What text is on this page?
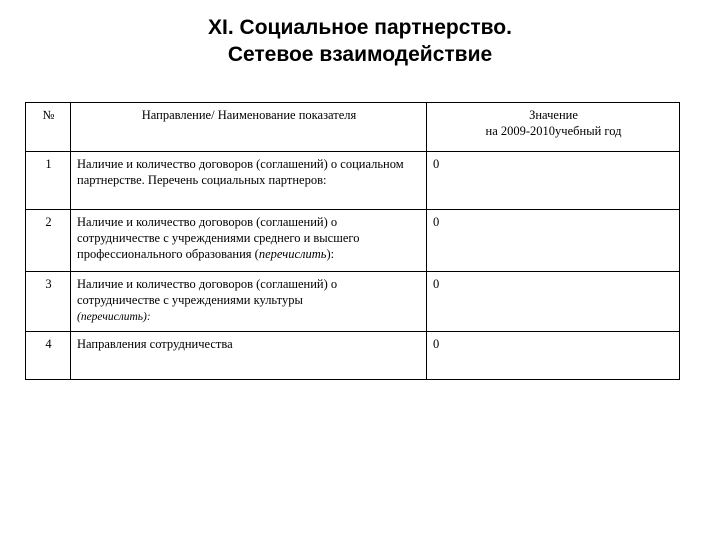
XI. Социальное партнерство.
Сетевое взаимодействие
№	Направление/ Наименование показателя	Значение
на 2009-2010учебный год

1	Наличие и количество договоров (соглашений) о социальном партнерстве. Перечень социальных партнеров:	0
2	Наличие и количество договоров (соглашений) о сотрудничестве с учреждениями среднего и высшего профессионального образования (перечислить):	0
3	Наличие и количество договоров (соглашений) о сотрудничестве с учреждениями культуры
(перечислить):	0
4	Направления сотрудничества	0
